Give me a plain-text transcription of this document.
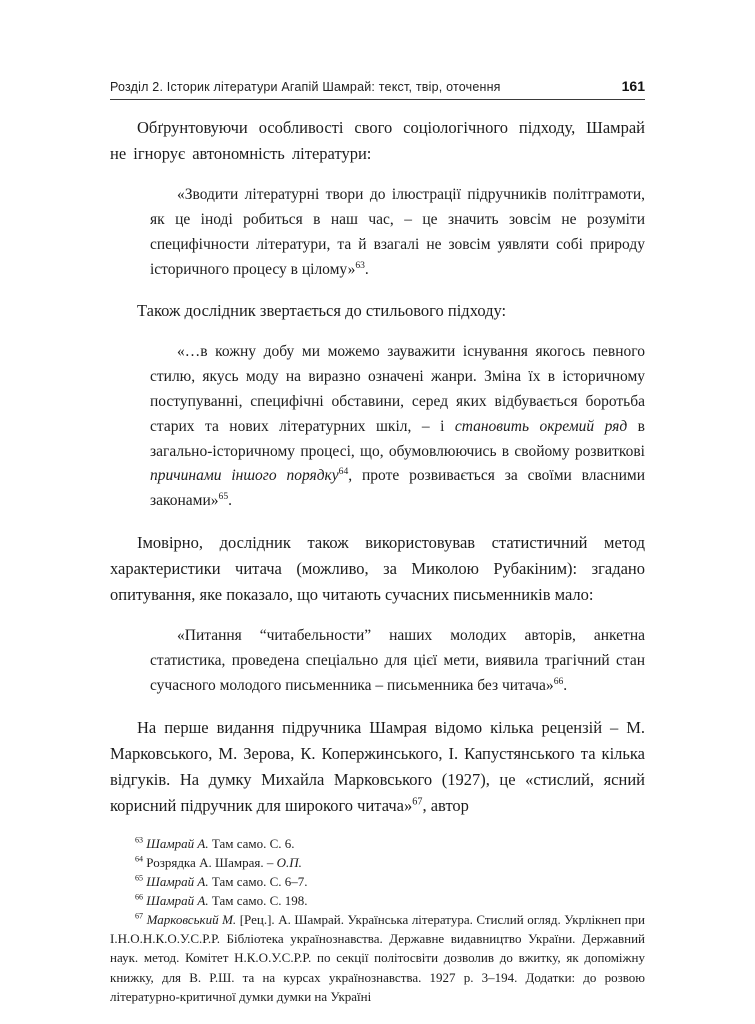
Розділ 2. Історик літератури Агапій Шамрай: текст, твір, оточення	161

Обґрунтовуючи особливості свого соціологічного підходу, Шамрай не ігнорує автономність літератури:

«Зводити літературні твори до ілюстрації підручників політграмоти, як це іноді робиться в наш час, – це значить зовсім не розуміти специфічности літератури, та й взагалі не зовсім уявляти собі природу історичного процесу в цілому»$^{63}$.

Також дослідник звертається до стильового підходу:

«…в кожну добу ми можемо зауважити існування якогось певного стилю, якусь моду на виразно означені жанри. Зміна їх в історичному поступуванні, специфічні обставини, серед яких відбувається боротьба старих та нових літературних шкіл, – і становить окремий ряд в загально-історичному процесі, що, обумовлюючись в свойому розвиткові причинами іншого порядку$^{64}$, проте розвивається за своїми власними законами»$^{65}$.

Імовірно, дослідник також використовував статистичний метод характеристики читача (можливо, за Миколою Рубакіним): згадано опитування, яке показало, що читають сучасних письменників мало:

«Питання “читабельности” наших молодих авторів, анкетна статистика, проведена спеціально для цієї мети, виявила трагічний стан сучасного молодого письменника – письменника без читача»$^{66}$.

На перше видання підручника Шамрая відомо кілька рецензій – М. Марковського, М. Зерова, К. Копержинського, І. Капустянського та кілька відгуків. На думку Михайла Марковського (1927), це «стислий, ясний корисний підручник для широкого читача»$^{67}$, автор

$^{63}$ Шамрай А. Там само. С. 6.
$^{64}$ Розрядка А. Шамрая. – О.П.
$^{65}$ Шамрай А. Там само. С. 6–7.
$^{66}$ Шамрай А. Там само. С. 198.
$^{67}$ Марковський М. [Рец.]. А. Шамрай. Українська література. Стислий огляд. Укрлікнеп при І.Н.О.Н.К.О.У.С.Р.Р. Бібліотека українознавства. Державне видавництво України. Державний наук. метод. Комітет Н.К.О.У.С.Р.Р. по секції політосвіти дозволив до вжитку, як допоміжну книжку, для В. Р.Ш. та на курсах українознавства. 1927 р. 3–194. Додатки: до розвою літературно-критичної думки думки на Україні
